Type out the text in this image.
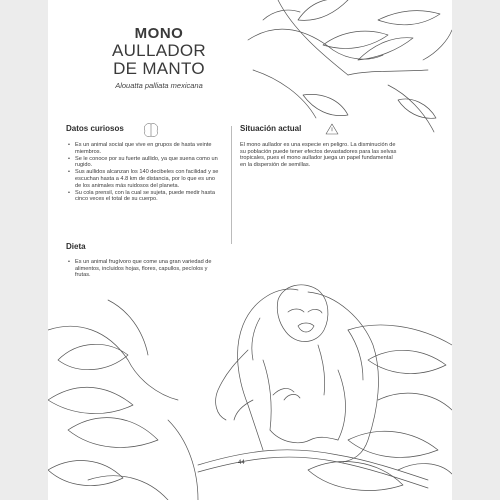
MONO
AULLADOR
DE MANTO
Alouatta palliata mexicana
Datos curiosos
• Es un animal social que vive en grupos de hasta veinte miembros.
• Se le conoce por su fuerte aullido, ya que suena como un rugido.
• Sus aullidos alcanzan los 140 decibeles con facilidad y se escuchan hasta a 4.8 km de distancia, por lo que es uno de los animales más ruidosos del planeta.
• Su cola prensil, con la cual se sujeta, puede medir hasta cinco veces el total de su cuerpo.
Situación actual

El mono aullador es una especie en peligro. La disminución de su población puede tener efectos devastadores para las selvas tropicales, pues el mono aullador juega un papel fundamental en la dispersión de semillas.

Dieta
• Es un animal frugívoro que come una gran variedad de alimentos, incluidos hojas, flores, capullos, pecíolos y frutas.
44
